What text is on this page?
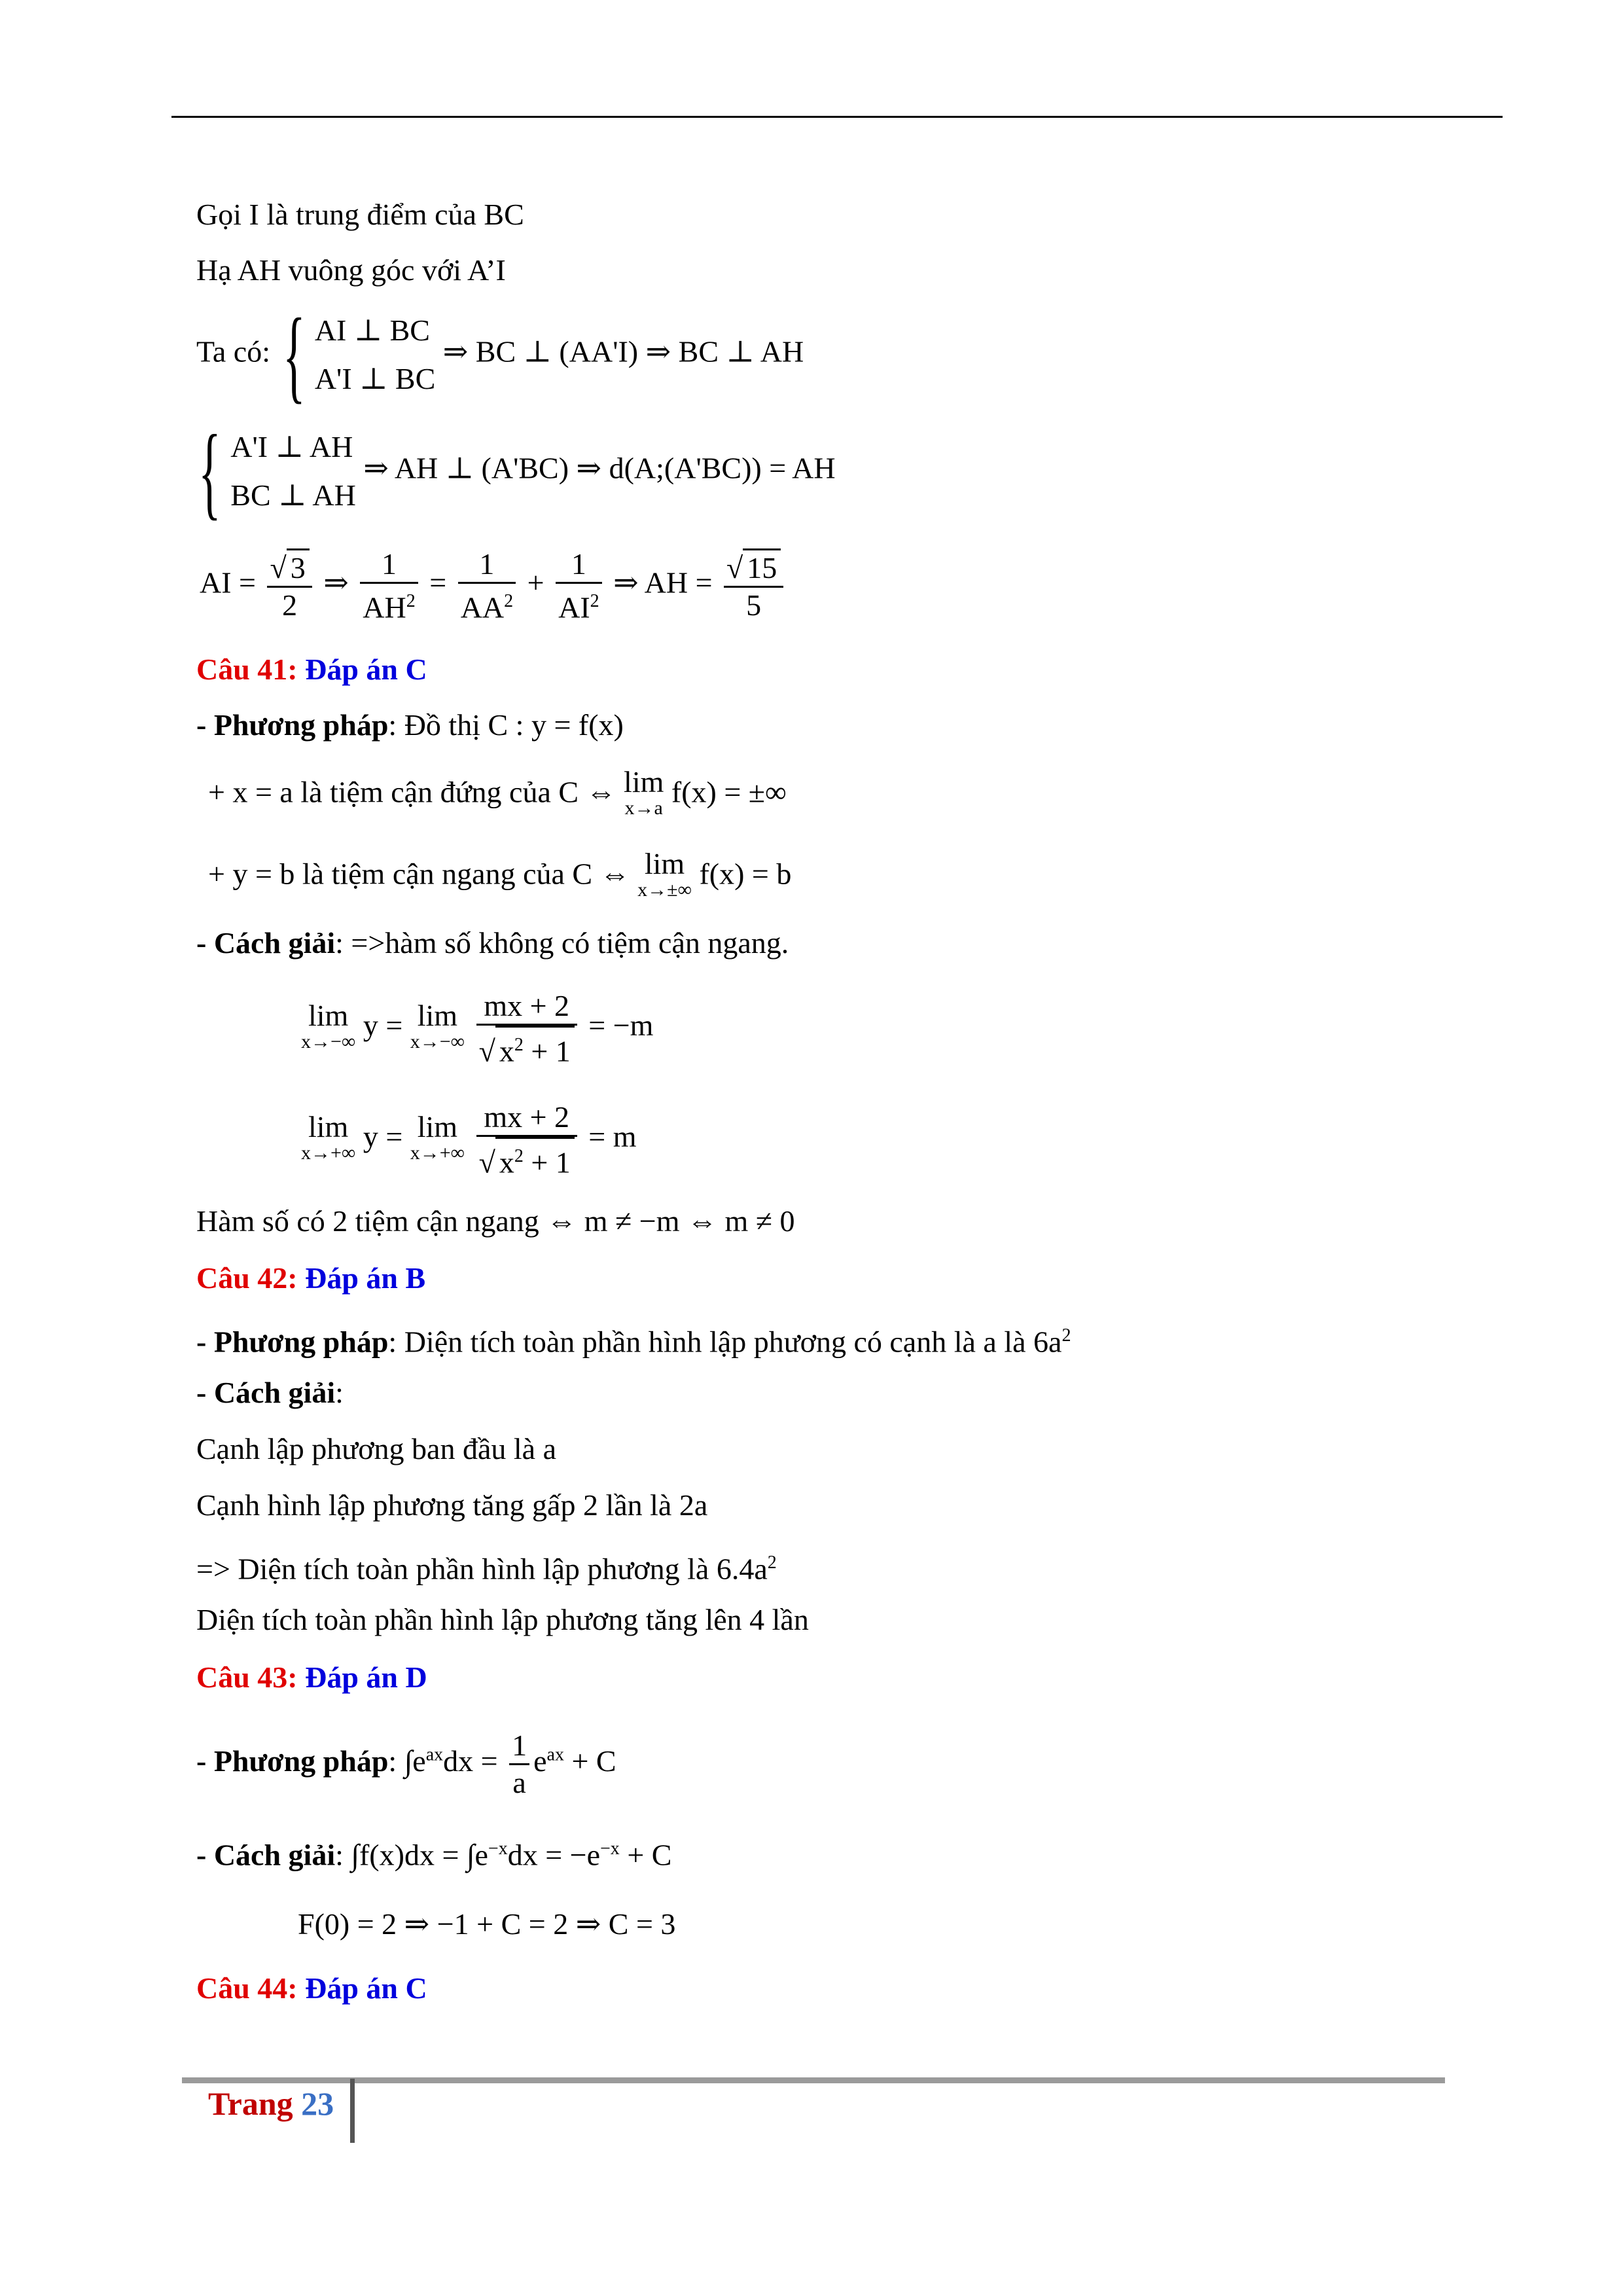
Gọi I là trung điểm của BC
Hạ AH vuông góc với A’I
Ta có: { AI ⊥ BC
A'I ⊥ BC
⇒ BC ⊥ (AA'I) ⇒ BC ⊥ AH
{ A'I ⊥ AH
BC ⊥ AH
⇒ AH ⊥ (A'BC) ⇒ d(A;(A'BC)) = AH
AI = $\frac{√ 3}{2}$ ⇒ $\frac{1}{AH^2} = \frac{1}{AA^2} + \frac{1}{AI^2}$ ⇒ AH = $\frac{√ 15}{5}$
Câu 41: Đáp án C
- Phương pháp: Đồ thị C : y = f(x)
+ x = a là tiệm cận đứng của C ⇔ lim
x→a f(x) = ±∞
+ y = b là tiệm cận ngang của C ⇔ lim
x→±∞ f(x) = b
- Cách giải: =>hàm số không có tiệm cận ngang.
lim
x→−∞ y = lim
x→−∞
$\frac{mx + 2}{√ x^2 + 1} = -m$
lim
x→+∞ y = lim
x→+∞
$\frac{mx + 2}{√ x^2 + 1} = m$
Hàm số có 2 tiệm cận ngang ⇔ m ≠ −m ⇔ m ≠ 0
Câu 42: Đáp án B
- Phương pháp: Diện tích toàn phần hình lập phương có cạnh là a là $6a^2$
- Cách giải:
Cạnh lập phương ban đầu là a
Cạnh hình lập phương tăng gấp 2 lần là 2a
=> Diện tích toàn phần hình lập phương là $6.4a^2$
Diện tích toàn phần hình lập phương tăng lên 4 lần
Câu 43: Đáp án D
- Phương pháp: $\int e^{ax}dx = \frac{1}{a} e^{ax} + C$
- Cách giải: $\int f(x)dx = \int e^{-x}dx = -e^{-x} + C$
F(0) = 2 ⇒ −1 + C = 2 ⇒ C = 3
Câu 44: Đáp án C
Trang 23
